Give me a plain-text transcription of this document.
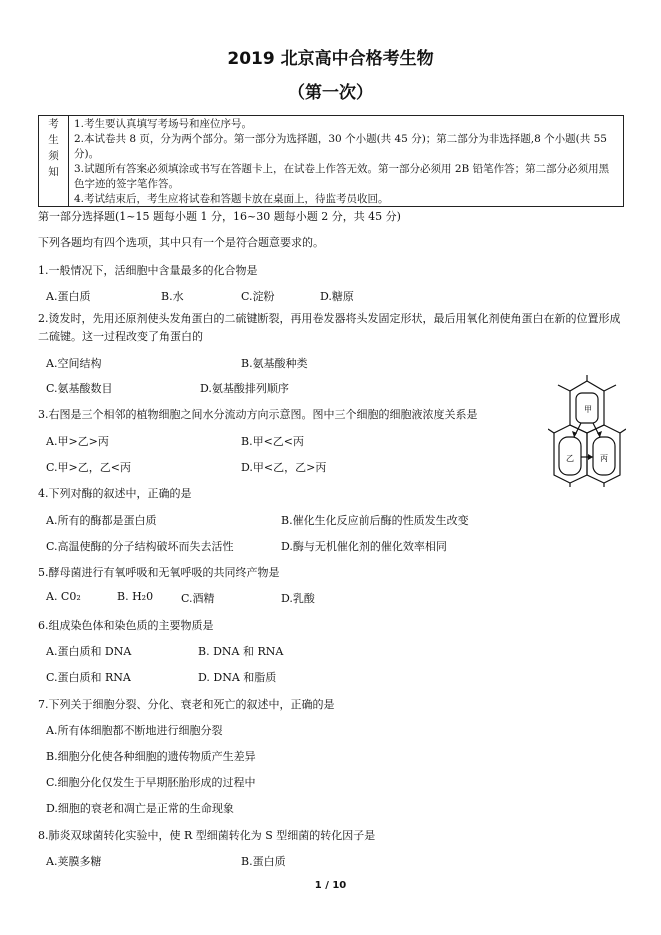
2019 北京高中合格考生物
（第一次）
考
生
须
知
1.考生要认真填写考场号和座位序号。
2.本试卷共 8 页，分为两个部分。第一部分为选择题，30 个小题(共 45 分)；第二部分为非选择题,8 个小题(共 55 分)。
3.试题所有答案必须填涂或书写在答题卡上，在试卷上作答无效。第一部分必须用 2B 铅笔作答；第二部分必须用黑色字迹的签字笔作答。
4.考试结束后，考生应将试卷和答题卡放在桌面上，待监考员收回。
第一部分选择题(1~15 题每小题 1 分，16~30 题每小题 2 分，共 45 分)
下列各题均有四个选项，其中只有一个是符合题意要求的。
1.一般情况下，活细胞中含量最多的化合物是
A.蛋白质	B.水	C.淀粉	D.糖原
2.烫发时，先用还原剂使头发角蛋白的二硫键断裂，再用卷发器将头发固定形状，最后用氧化剂使角蛋白在新的位置形成二硫键。这一过程改变了角蛋白的
A.空间结构	B.氨基酸种类
C.氨基酸数目	D.氨基酸排列顺序
3.右图是三个相邻的植物细胞之间水分流动方向示意图。图中三个细胞的细胞液浓度关系是
A.甲>乙>丙	B.甲<乙<丙
C.甲>乙，乙<丙	D.甲<乙，乙>丙
甲
乙	丙
4.下列对酶的叙述中，正确的是
A.所有的酶都是蛋白质	B.催化生化反应前后酶的性质发生改变
C.高温使酶的分子结构破坏而失去活性	D.酶与无机催化剂的催化效率相同
5.酵母菌进行有氧呼吸和无氧呼吸的共同终产物是
A. C0₂	B. H₂0	C.酒精	D.乳酸
6.组成染色体和染色质的主要物质是
A.蛋白质和 DNA	B. DNA 和 RNA
C.蛋白质和 RNA	D. DNA 和脂质
7.下列关于细胞分裂、分化、衰老和死亡的叙述中，正确的是
A.所有体细胞都不断地进行细胞分裂
B.细胞分化使各种细胞的遗传物质产生差异
C.细胞分化仅发生于早期胚胎形成的过程中
D.细胞的衰老和凋亡是正常的生命现象
8.肺炎双球菌转化实验中，使 R 型细菌转化为 S 型细菌的转化因子是
A.荚膜多糖	B.蛋白质
1 / 10
